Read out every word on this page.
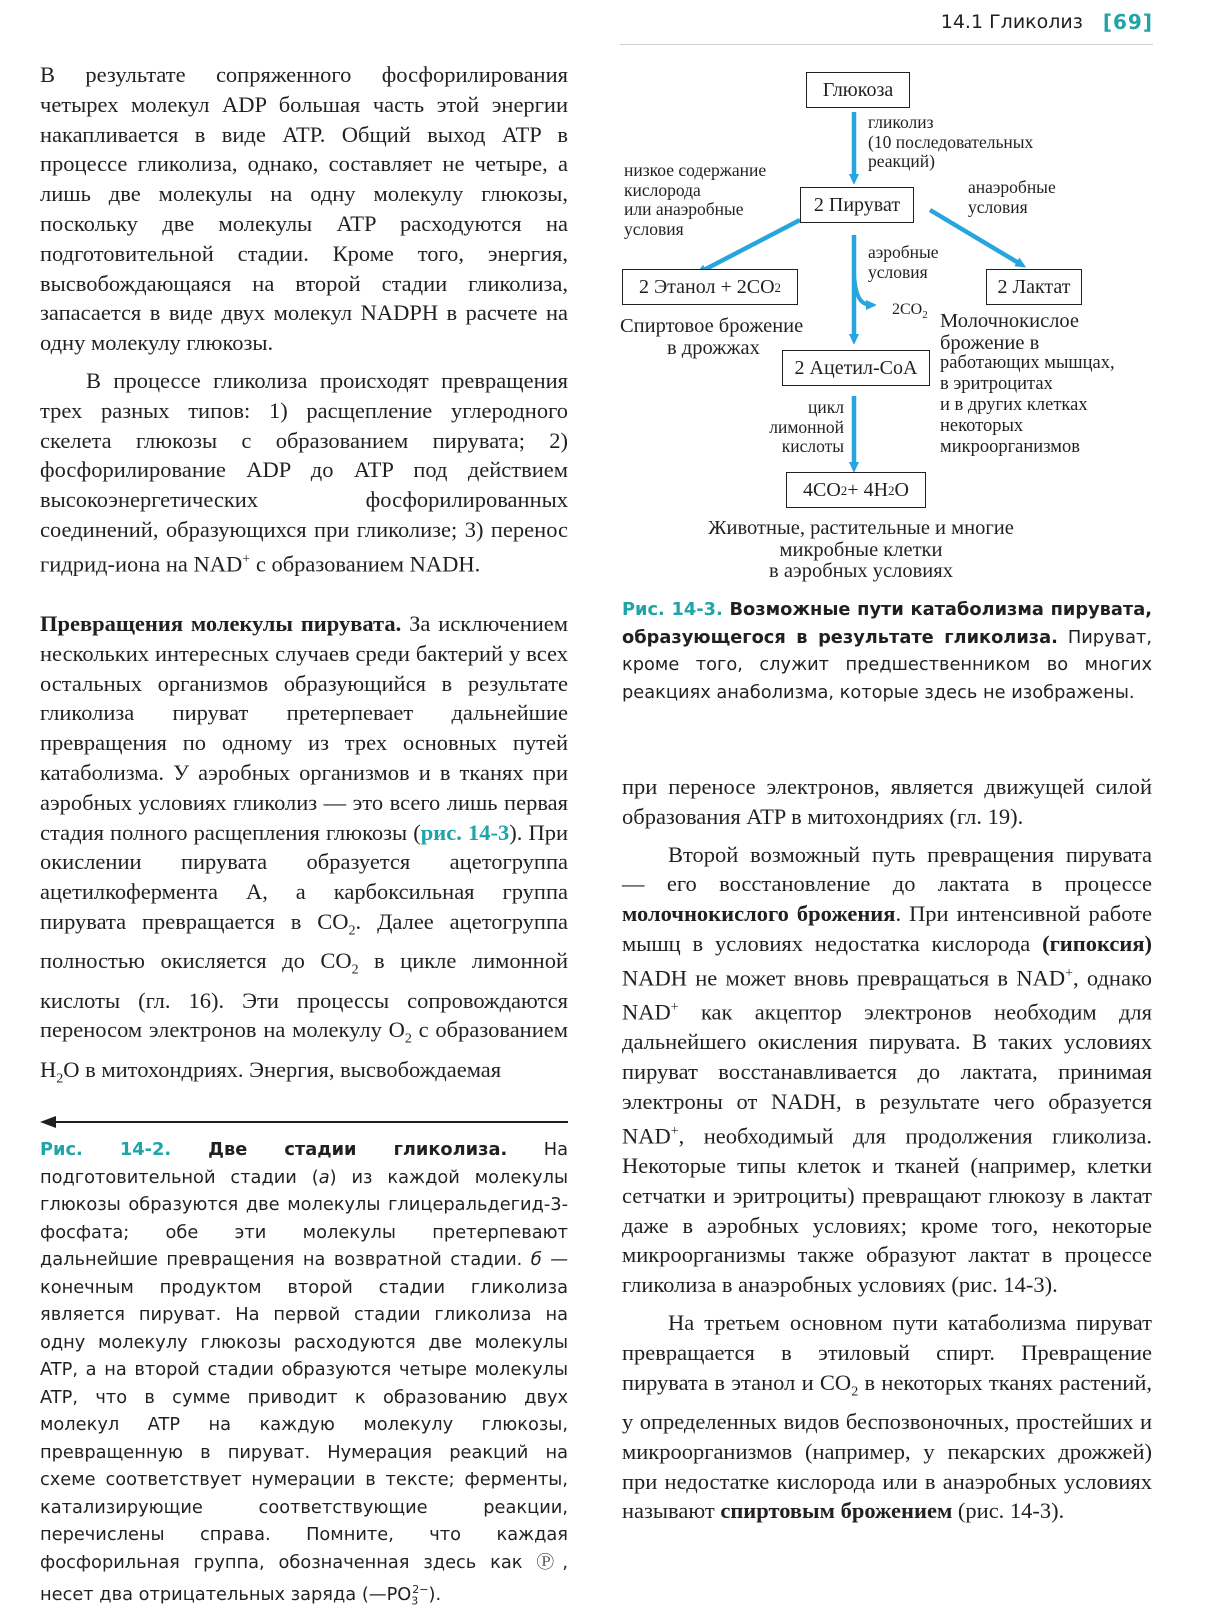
14.1 Гликолиз [69]

В результате сопряженного фосфорилирования четырех молекул ADP большая часть этой энергии накапливается в виде ATP. Общий выход ATP в процессе гликолиза, однако, составляет не четыре, а лишь две молекулы на одну молекулу глюкозы, поскольку две молекулы ATP расходуются на подготовительной стадии. Кроме того, энергия, высвобождающаяся на второй стадии гликолиза, запасается в виде двух молекул NADPH в расчете на одну молекулу глюкозы.

В процессе гликолиза происходят превращения трех разных типов: 1) расщепление углеродного скелета глюкозы с образованием пирувата; 2) фосфорилирование ADP до ATP под действием высокоэнергетических фосфорилированных соединений, образующихся при гликолизе; 3) перенос гидрид-иона на NAD+ с образованием NADH.

Превращения молекулы пирувата. За исключением нескольких интересных случаев среди бактерий у всех остальных организмов образующийся в результате гликолиза пируват претерпевает дальнейшие превращения по одному из трех основных путей катаболизма. У аэробных организмов и в тканях при аэробных условиях гликолиз — это всего лишь первая стадия полного расщепления глюкозы (рис. 14-3). При окислении пирувата образуется ацетогруппа ацетилкофермента А, а карбоксильная группа пирувата превращается в $CO_2$. Далее ацетогруппа полностью окисляется до $CO_2$ в цикле лимонной кислоты (гл. 16). Эти процессы сопровождаются переносом электронов на молекулу $O_2$ с образованием $H_2O$ в митохондриях. Энергия, высвобождаемая

Рис. 14-2. Две стадии гликолиза. На подготовительной стадии (а) из каждой молекулы глюкозы образуются две молекулы глицеральдегид-3-фосфата; обе эти молекулы претерпевают дальнейшие превращения на возвратной стадии. б — конечным продуктом второй стадии гликолиза является пируват. На первой стадии гликолиза на одну молекулу глюкозы расходуются две молекулы ATP, а на второй стадии образуются четыре молекулы ATP, что в сумме приводит к образованию двух молекул ATP на каждую молекулу глюкозы, превращенную в пируват. Нумерация реакций на схеме соответствует нумерации в тексте; ферменты, катализирующие соответствующие реакции, перечислены справа. Помните, что каждая фосфорильная группа, обозначенная здесь как Ⓟ, несет два отрицательных заряда $(—PO_3^{2-})$.
Глюкоза
гликолиз
(10 последовательных
реакций)
низкое содержание
кислорода
или анаэробные
условия
2 Пируват
анаэробные
условия
аэробные
условия
2 Этанол + 2CO 2	2 Лактат
$2CO_2$
Спиртовое брожение
в дрожжах
2 Ацетил-CoA
Молочнокислое
брожение в
работающих мышцах,
в эритроцитах
и в других клетках
некоторых
микроорганизмов
цикл
лимонной
кислоты
4CO 2 + 4H 2 O
Животные, растительные и многие
микробные клетки
в аэробных условиях
Рис. 14-3. Возможные пути катаболизма пирувата, образующегося в результате гликолиза. Пируват, кроме того, служит предшественником во многих реакциях анаболизма, которые здесь не изображены.

при переносе электронов, является движущей силой образования ATP в митохондриях (гл. 19).

Второй возможный путь превращения пирувата — его восстановление до лактата в процессе молочнокислого брожения. При интенсивной работе мышц в условиях недостатка кислорода (гипоксия) NADH не может вновь превращаться в NAD+, однако NAD+ как акцептор электронов необходим для дальнейшего окисления пирувата. В таких условиях пируват восстанавливается до лактата, принимая электроны от NADH, в результате чего образуется NAD+, необходимый для продолжения гликолиза. Некоторые типы клеток и тканей (например, клетки сетчатки и эритроциты) превращают глюкозу в лактат даже в аэробных условиях; кроме того, некоторые микроорганизмы также образуют лактат в процессе гликолиза в анаэробных условиях (рис. 14-3).

На третьем основном пути катаболизма пируват превращается в этиловый спирт. Превращение пирувата в этанол и $CO_2$ в некоторых тканях растений, у определенных видов беспозвоночных, простейших и микроорганизмов (например, у пекарских дрожжей) при недостатке кислорода или в анаэробных условиях называют спиртовым брожением (рис. 14-3).
